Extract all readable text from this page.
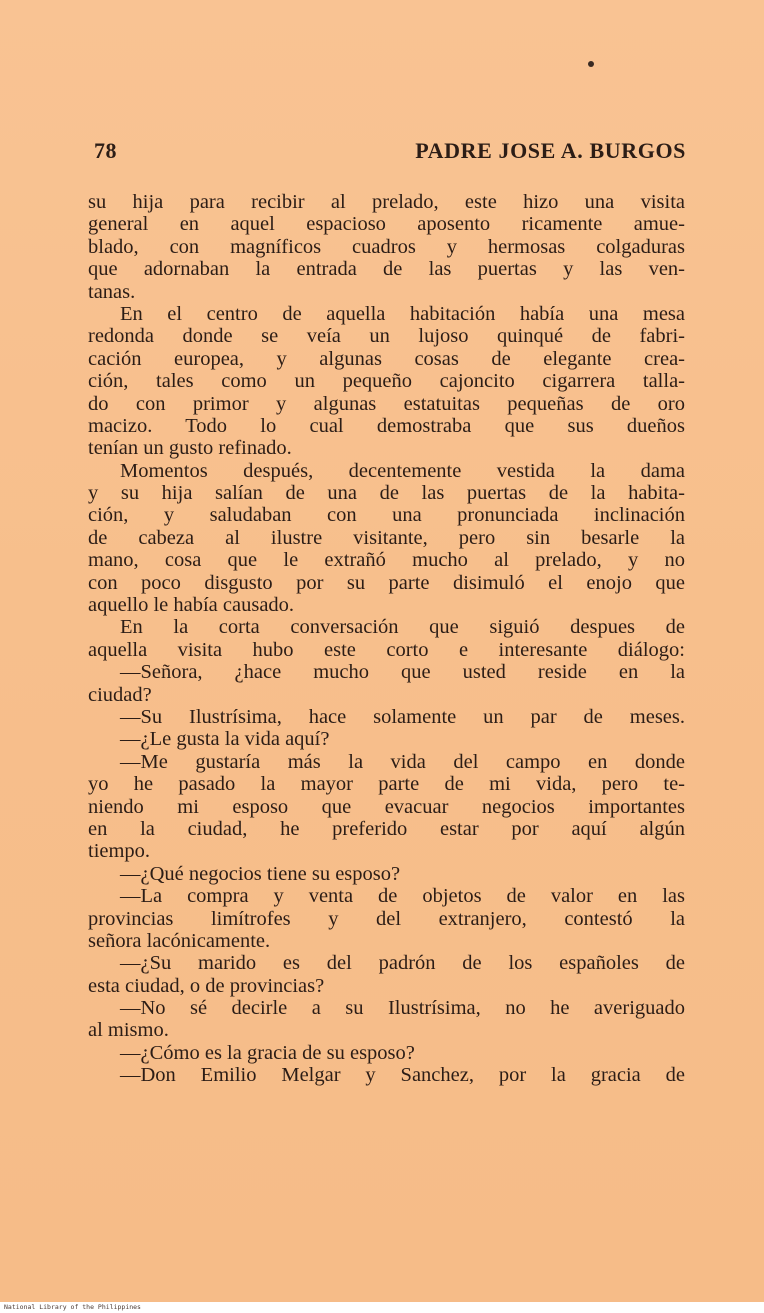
78	PADRE JOSE A. BURGOS
su hija para recibir al prelado, este hizo una visita
general en aquel espacioso aposento ricamente amue-
blado, con magníficos cuadros y hermosas colgaduras
que adornaban la entrada de las puertas y las ven-
tanas.
En el centro de aquella habitación había una mesa
redonda donde se veía un lujoso quinqué de fabri-
cación europea, y algunas cosas de elegante crea-
ción, tales como un pequeño cajoncito cigarrera talla-
do con primor y algunas estatuitas pequeñas de oro
macizo. Todo lo cual demostraba que sus dueños
tenían un gusto refinado.
Momentos después, decentemente vestida la dama
y su hija salían de una de las puertas de la habita-
ción, y saludaban con una pronunciada inclinación
de cabeza al ilustre visitante, pero sin besarle la
mano, cosa que le extrañó mucho al prelado, y no
con poco disgusto por su parte disimuló el enojo que
aquello le había causado.
En la corta conversación que siguió despues de
aquella visita hubo este corto e interesante diálogo:
—Señora, ¿hace mucho que usted reside en la
ciudad?
—Su Ilustrísima, hace solamente un par de meses.
—¿Le gusta la vida aquí?
—Me gustaría más la vida del campo en donde
yo he pasado la mayor parte de mi vida, pero te-
niendo mi esposo que evacuar negocios importantes
en la ciudad, he preferido estar por aquí algún
tiempo.
—¿Qué negocios tiene su esposo?
—La compra y venta de objetos de valor en las
provincias limítrofes y del extranjero, contestó la
señora lacónicamente.
—¿Su marido es del padrón de los españoles de
esta ciudad, o de provincias?
—No sé decirle a su Ilustrísima, no he averiguado
al mismo.
—¿Cómo es la gracia de su esposo?
—Don Emilio Melgar y Sanchez, por la gracia de
National Library of the Philippines
